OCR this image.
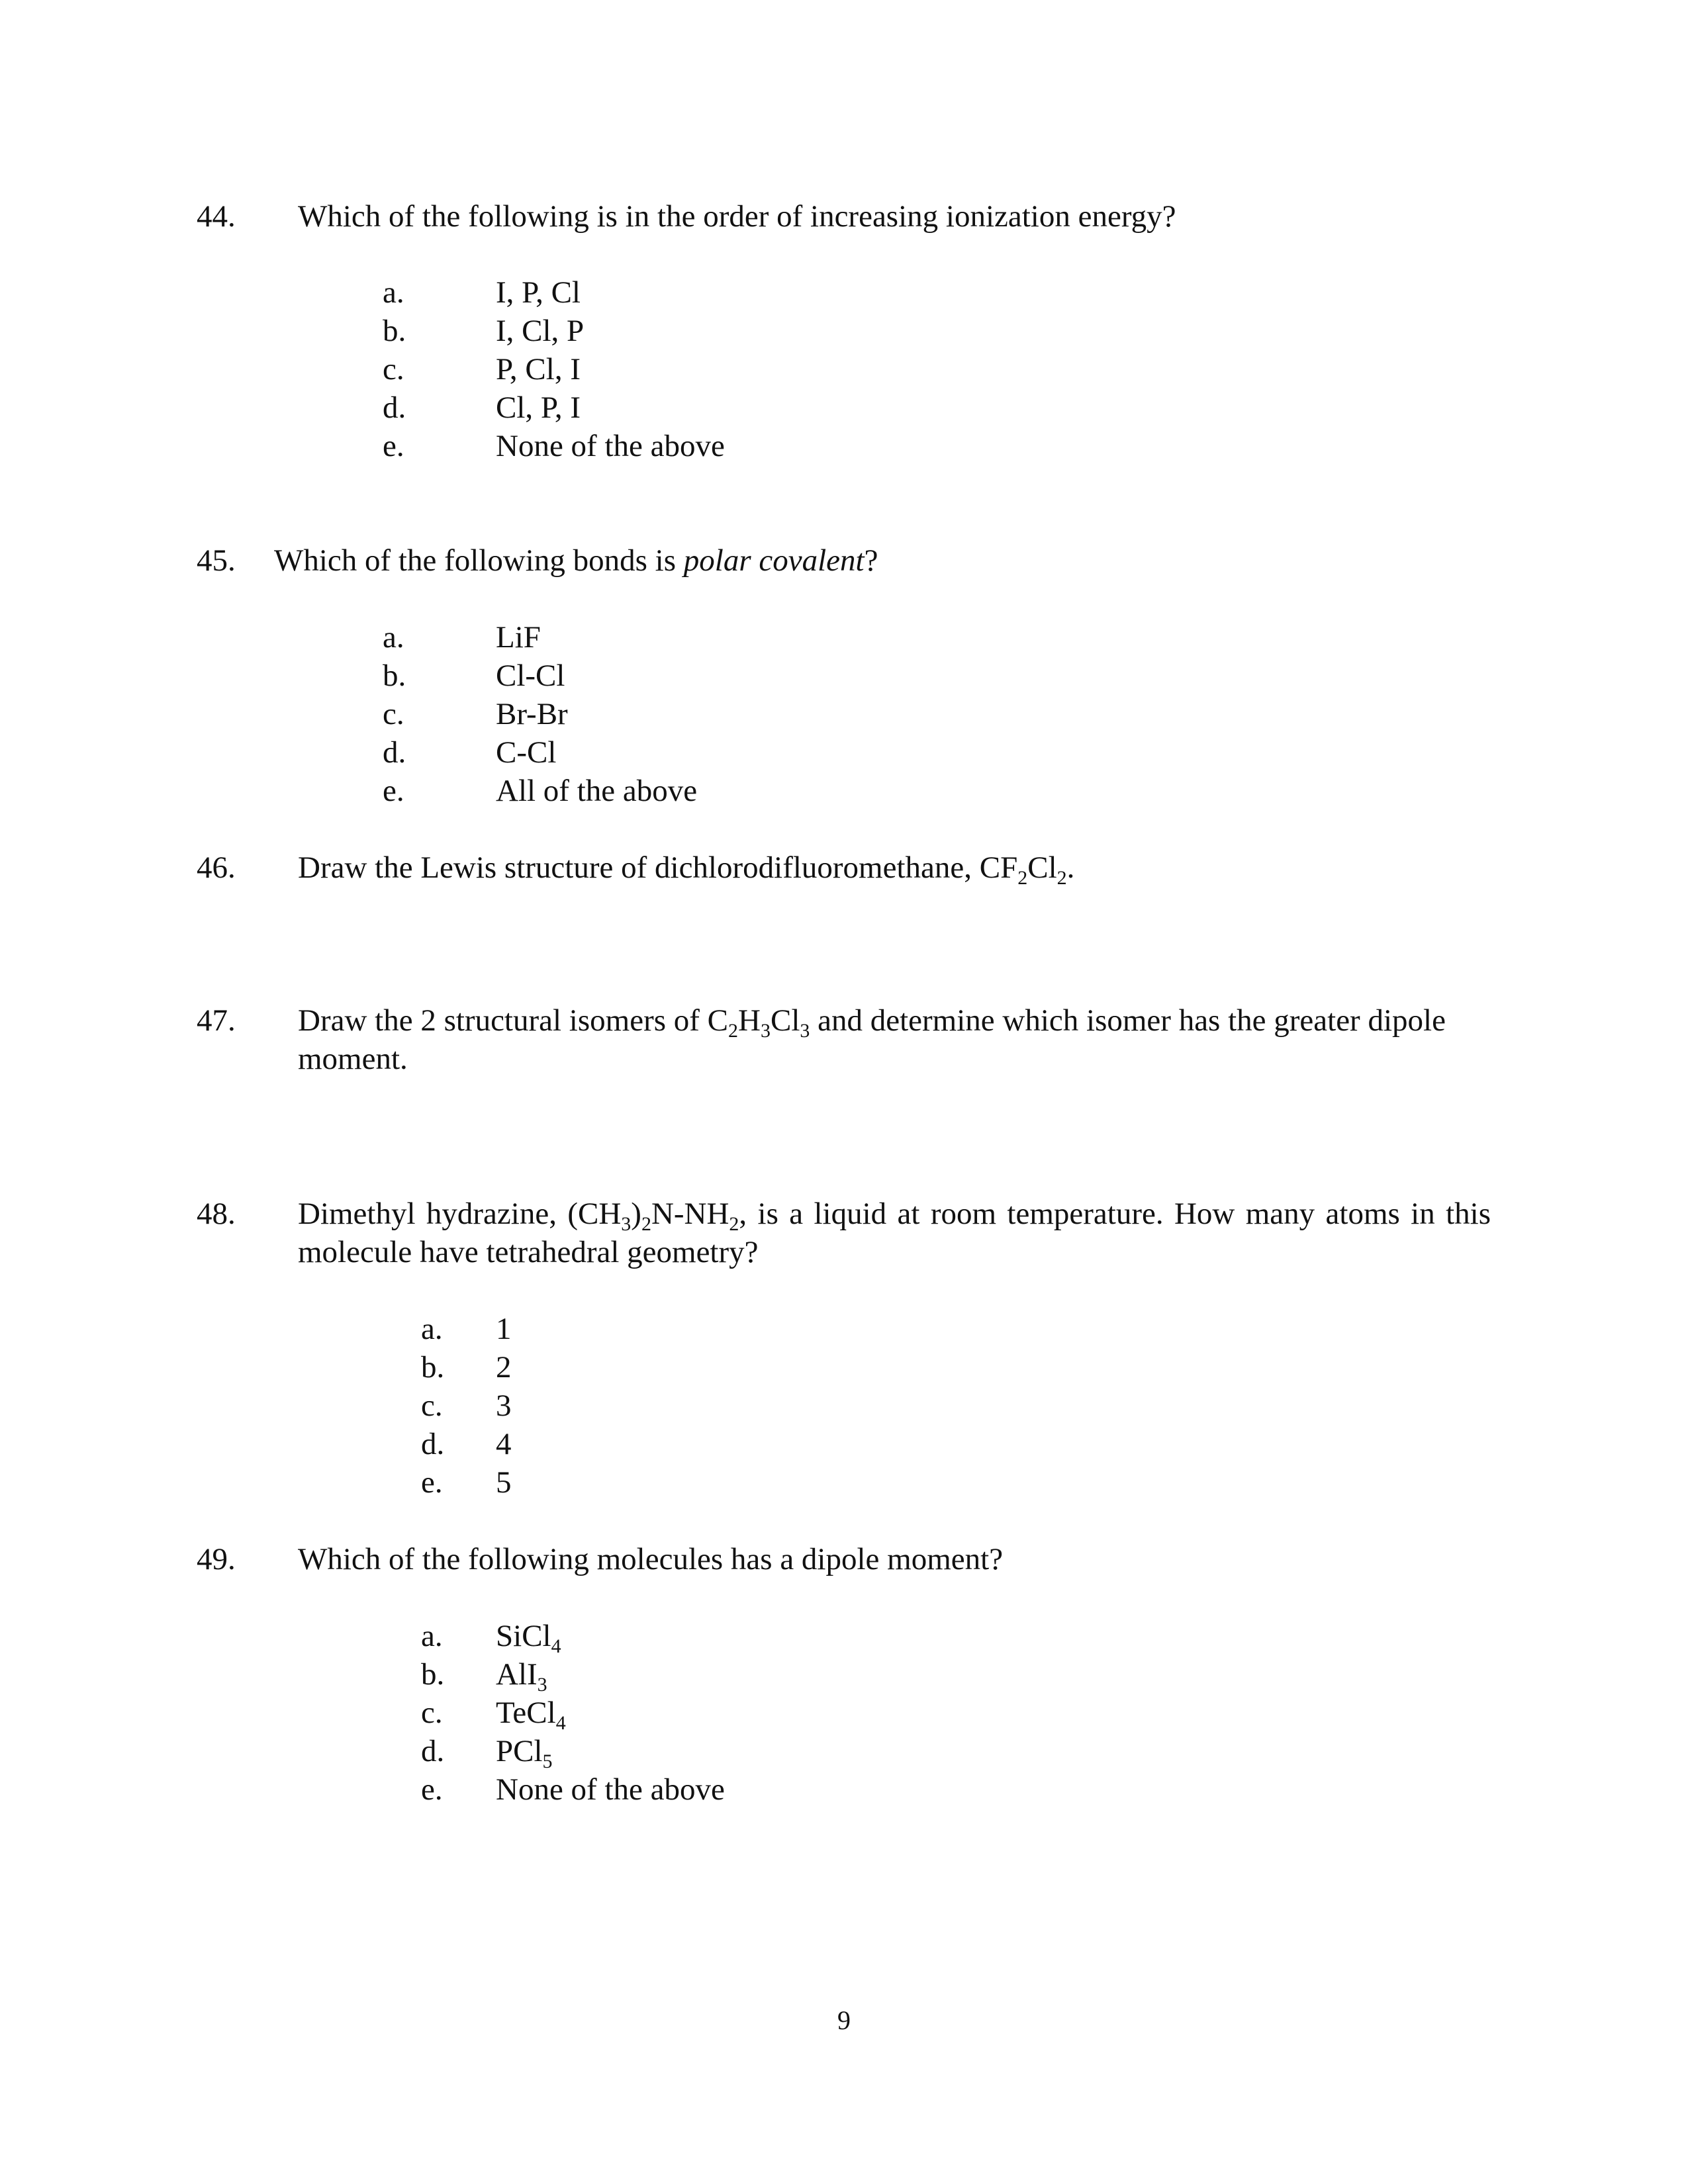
44. Which of the following is in the order of increasing ionization energy?
a.	I, P, Cl
b.	I, Cl, P
c.	P, Cl, I
d.	Cl, P, I
e.	None of the above
45. Which of the following bonds is polar covalent?
a.	LiF
b.	Cl-Cl
c.	Br-Br
d.	C-Cl
e.	All of the above
46. Draw the Lewis structure of dichlorodifluoromethane, $CF_2Cl_2$.
47. Draw the 2 structural isomers of $C_2H_3Cl_3$ and determine which isomer has the greater dipole moment.
48. Dimethyl hydrazine, $(CH_3)_2N-NH_2$, is a liquid at room temperature. How many atoms in this molecule have tetrahedral geometry?
a. 1
b. 2
c. 3
d. 4
e. 5
49. Which of the following molecules has a dipole moment?
a. SiCl$_4$
b. AlI$_3$
c. TeCl$_4$
d. PCl$_5$
e. None of the above
9
